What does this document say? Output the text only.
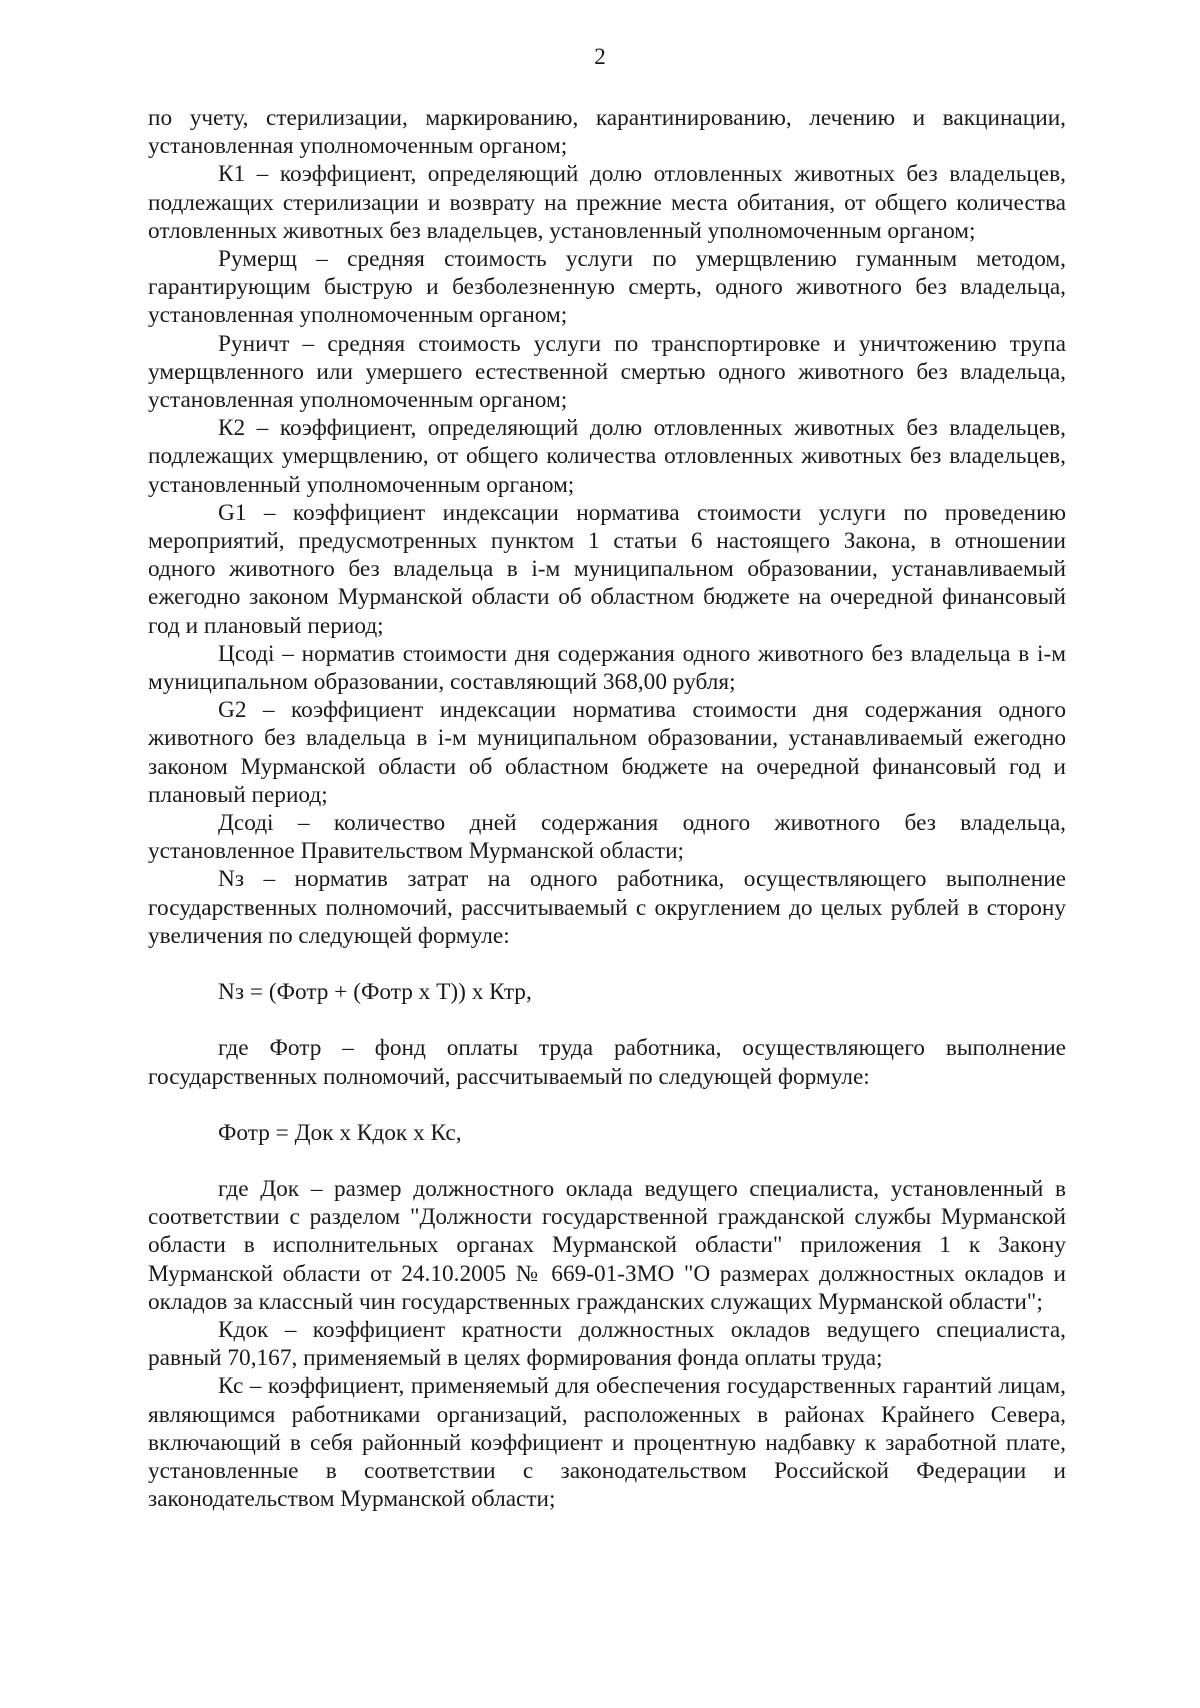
2

по учету, стерилизации, маркированию, карантинированию, лечению и вакцинации, установленная уполномоченным органом;

К1 – коэффициент, определяющий долю отловленных животных без владельцев, подлежащих стерилизации и возврату на прежние места обитания, от общего количества отловленных животных без владельцев, установленный уполномоченным органом;

Румерщ – средняя стоимость услуги по умерщвлению гуманным методом, гарантирующим быструю и безболезненную смерть, одного животного без владельца, установленная уполномоченным органом;

Руничт – средняя стоимость услуги по транспортировке и уничтожению трупа умерщвленного или умершего естественной смертью одного животного без владельца, установленная уполномоченным органом;

К2 – коэффициент, определяющий долю отловленных животных без владельцев, подлежащих умерщвлению, от общего количества отловленных животных без владельцев, установленный уполномоченным органом;

G1 – коэффициент индексации норматива стоимости услуги по проведению мероприятий, предусмотренных пунктом 1 статьи 6 настоящего Закона, в отношении одного животного без владельца в і-м муниципальном образовании, устанавливаемый ежегодно законом Мурманской области об областном бюджете на очередной финансовый год и плановый период;

Цсоді – норматив стоимости дня содержания одного животного без владельца в і-м муниципальном образовании, составляющий 368,00 рубля;

G2 – коэффициент индексации норматива стоимости дня содержания одного животного без владельца в і-м муниципальном образовании, устанавливаемый ежегодно законом Мурманской области об областном бюджете на очередной финансовый год и плановый период;

Дсоді – количество дней содержания одного животного без владельца, установленное Правительством Мурманской области;

Nз – норматив затрат на одного работника, осуществляющего выполнение государственных полномочий, рассчитываемый с округлением до целых рублей в сторону увеличения по следующей формуле:

Nз = (Фотр + (Фотр х Т)) х Ктр,

где Фотр – фонд оплаты труда работника, осуществляющего выполнение государственных полномочий, рассчитываемый по следующей формуле:

Фотр = Док х Кдок х Кс,

где Док – размер должностного оклада ведущего специалиста, установленный в соответствии с разделом "Должности государственной гражданской службы Мурманской области в исполнительных органах Мурманской области" приложения 1 к Закону Мурманской области от 24.10.2005 № 669-01-ЗМО "О размерах должностных окладов и окладов за классный чин государственных гражданских служащих Мурманской области";

Кдок – коэффициент кратности должностных окладов ведущего специалиста, равный 70,167, применяемый в целях формирования фонда оплаты труда;

Кс – коэффициент, применяемый для обеспечения государственных гарантий лицам, являющимся работниками организаций, расположенных в районах Крайнего Севера, включающий в себя районный коэффициент и процентную надбавку к заработной плате, установленные в соответствии с законодательством Российской Федерации и законодательством Мурманской области;
